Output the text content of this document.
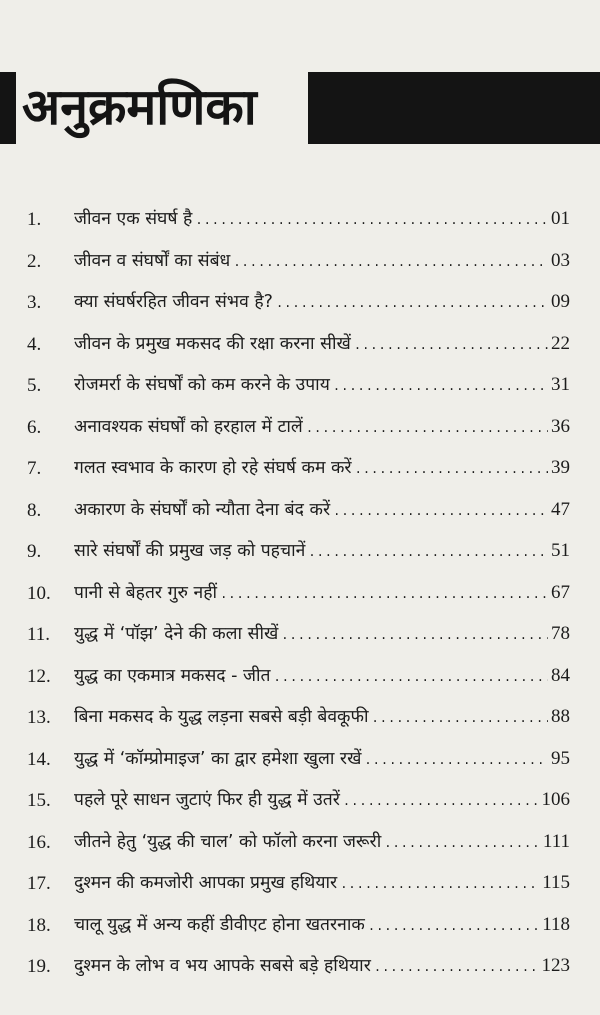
अनुक्रमणिका
1. जीवन एक संघर्ष है .....	01
2. जीवन व संघर्षों का संबंध .....	03
3. क्या संघर्षरहित जीवन संभव है? .....	09
4. जीवन के प्रमुख मकसद की रक्षा करना सीखें .....	22
5. रोजमर्रा के संघर्षों को कम करने के उपाय .....	31
6. अनावश्यक संघर्षों को हरहाल में टालें .....	36
7. गलत स्वभाव के कारण हो रहे संघर्ष कम करें .....	39
8. अकारण के संघर्षों को न्यौता देना बंद करें .....	47
9. सारे संघर्षों की प्रमुख जड़ को पहचानें .....	51
10. पानी से बेहतर गुरु नहीं .....	67
11. युद्ध में ‘पॉझ’ देने की कला सीखें .....	78
12. युद्ध का एकमात्र मकसद - जीत .....	84
13. बिना मकसद के युद्ध लड़ना सबसे बड़ी बेवकूफी .....	88
14. युद्ध में ‘कॉम्प्रोमाइज’ का द्वार हमेशा खुला रखें .....	95
15. पहले पूरे साधन जुटाएं फिर ही युद्ध में उतरें .....	106
16. जीतने हेतु ‘युद्ध की चाल’ को फॉलो करना जरूरी .....	111
17. दुश्मन की कमजोरी आपका प्रमुख हथियार .....	115
18. चालू युद्ध में अन्य कहीं डीवीएट होना खतरनाक .....	118
19. दुश्मन के लोभ व भय आपके सबसे बड़े हथियार .....	123
